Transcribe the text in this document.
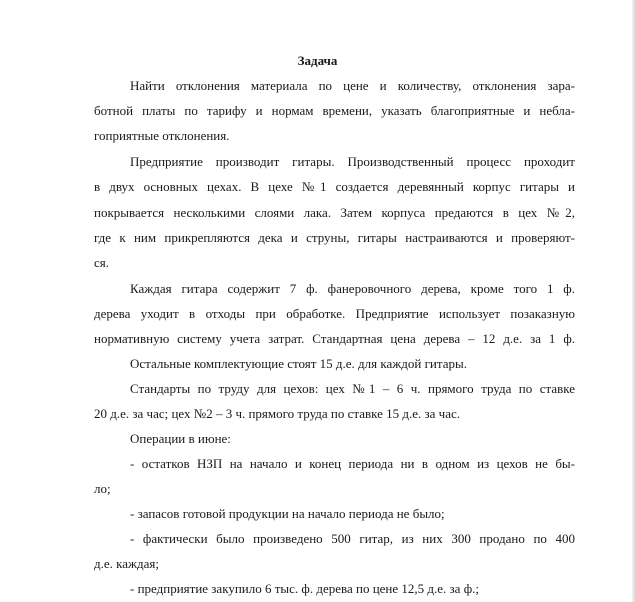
Задача
Найти отклонения материала по цене и количеству, отклонения зара-
ботной платы по тарифу и нормам времени, указать благоприятные и небла-
гоприятные отклонения.
Предприятие производит гитары. Производственный процесс проходит
в двух основных цехах. В цехе №1 создается деревянный корпус гитары и
покрывается несколькими слоями лака. Затем корпуса предаются в цех №2,
где к ним прикрепляются дека и струны, гитары настраиваются и проверяют-
ся.
Каждая гитара содержит 7 ф. фанеровочного дерева, кроме того 1 ф.
дерева уходит в отходы при обработке. Предприятие использует позаказную
нормативную систему учета затрат. Стандартная цена дерева – 12 д.е. за 1 ф.
Остальные комплектующие стоят 15 д.е. для каждой гитары.
Стандарты по труду для цехов: цех №1 – 6 ч. прямого труда по ставке
20 д.е. за час; цех №2 – 3 ч. прямого труда по ставке 15 д.е. за час.
Операции в июне:
- остатков НЗП на начало и конец периода ни в одном из цехов не бы-
ло;
- запасов готовой продукции на начало периода не было;
- фактически было произведено 500 гитар, из них 300 продано по 400
д.е. каждая;
- предприятие закупило 6 тыс. ф. дерева по цене 12,5 д.е. за ф.;
